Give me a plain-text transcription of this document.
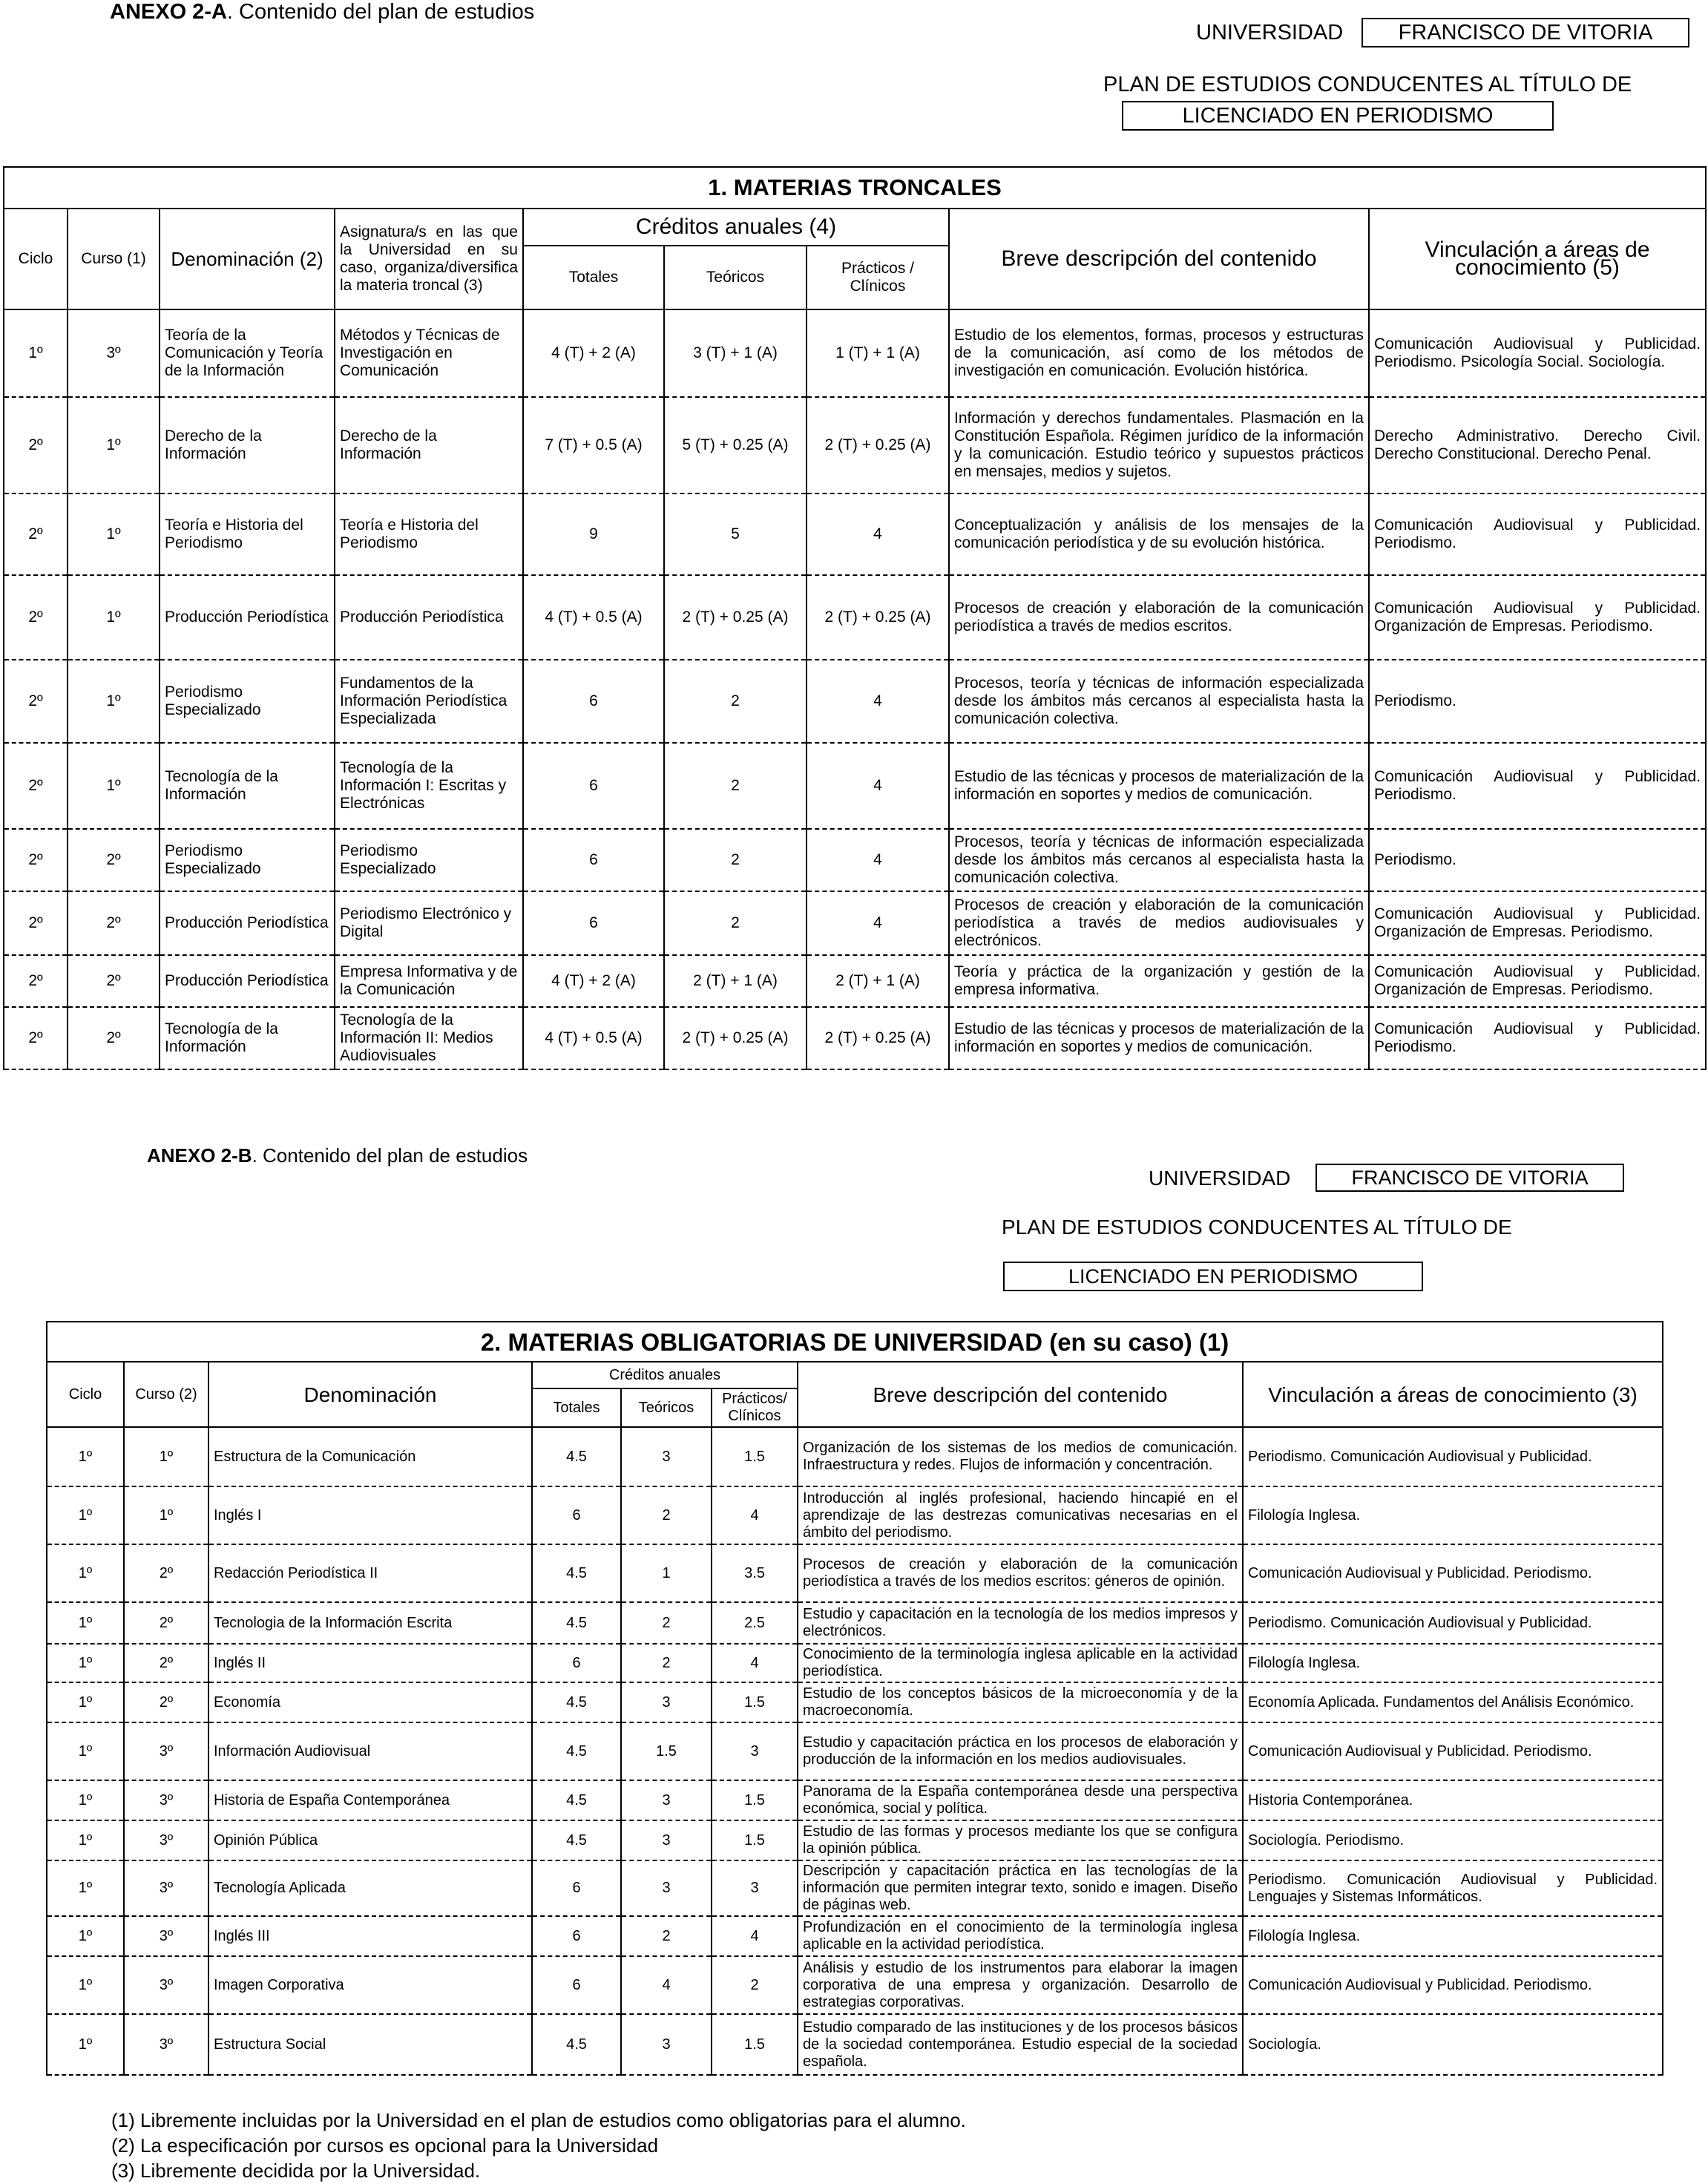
ANEXO 2-A. Contenido del plan de estudios
UNIVERSIDAD	FRANCISCO DE VITORIA
PLAN DE ESTUDIOS CONDUCENTES AL TÍTULO DE
LICENCIADO EN PERIODISMO
1. MATERIAS TRONCALES								
Ciclo	Curso (1)	Denominación (2)	Asignatura/s en las que la Universidad en su caso, organiza/diversifica la materia troncal (3)	Créditos anuales (4)			Breve descripción del contenido	Vinculación a áreas de conocimiento (5)
				Totales	Teóricos	Prácticos / Clínicos		
1º	3º	Teoría de la Comunicación y Teoría de la Información	Métodos y Técnicas de Investigación en Comunicación	4 (T) + 2 (A)	3 (T) + 1 (A)	1 (T) + 1 (A)	Estudio de los elementos, formas, procesos y estructuras de la comunicación, así como de los métodos de investigación en comunicación. Evolución histórica.	Comunicación Audiovisual y Publicidad. Periodismo. Psicología Social. Sociología.
2º	1º	Derecho de la Información	Derecho de la Información	7 (T) + 0.5 (A)	5 (T) + 0.25 (A)	2 (T) + 0.25 (A)	Información y derechos fundamentales. Plasmación en la Constitución Española. Régimen jurídico de la información y la comunicación. Estudio teórico y supuestos prácticos en mensajes, medios y sujetos.	Derecho Administrativo. Derecho Civil. Derecho Constitucional. Derecho Penal.
2º	1º	Teoría e Historia del Periodismo	Teoría e Historia del Periodismo	9	5	4	Conceptualización y análisis de los mensajes de la comunicación periodística y de su evolución histórica.	Comunicación Audiovisual y Publicidad. Periodismo.
2º	1º	Producción Periodística	Producción Periodística	4 (T) + 0.5 (A)	2 (T) + 0.25 (A)	2 (T) + 0.25 (A)	Procesos de creación y elaboración de la comunicación periodística a través de medios escritos.	Comunicación Audiovisual y Publicidad. Organización de Empresas. Periodismo.
2º	1º	Periodismo Especializado	Fundamentos de la Información Periodística Especializada	6	2	4	Procesos, teoría y técnicas de información especializada desde los ámbitos más cercanos al especialista hasta la comunicación colectiva.	Periodismo.
2º	1º	Tecnología de la Información	Tecnología de la Información I: Escritas y Electrónicas	6	2	4	Estudio de las técnicas y procesos de materialización de la información en soportes y medios de comunicación.	Comunicación Audiovisual y Publicidad. Periodismo.
2º	2º	Periodismo Especializado	Periodismo Especializado	6	2	4	Procesos, teoría y técnicas de información especializada desde los ámbitos más cercanos al especialista hasta la comunicación colectiva.	Periodismo.
2º	2º	Producción Periodística	Periodismo Electrónico y Digital	6	2	4	Procesos de creación y elaboración de la comunicación periodística a través de medios audiovisuales y electrónicos.	Comunicación Audiovisual y Publicidad. Organización de Empresas. Periodismo.
2º	2º	Producción Periodística	Empresa Informativa y de la Comunicación	4 (T) + 2 (A)	2 (T) + 1 (A)	2 (T) + 1 (A)	Teoría y práctica de la organización y gestión de la empresa informativa.	Comunicación Audiovisual y Publicidad. Organización de Empresas. Periodismo.
2º	2º	Tecnología de la Información	Tecnología de la Información II: Medios Audiovisuales	4 (T) + 0.5 (A)	2 (T) + 0.25 (A)	2 (T) + 0.25 (A)	Estudio de las técnicas y procesos de materialización de la información en soportes y medios de comunicación.	Comunicación Audiovisual y Publicidad. Periodismo.
ANEXO 2-B. Contenido del plan de estudios
UNIVERSIDAD	FRANCISCO DE VITORIA
PLAN DE ESTUDIOS CONDUCENTES AL TÍTULO DE
LICENCIADO EN PERIODISMO
2. MATERIAS OBLIGATORIAS DE UNIVERSIDAD (en su caso) (1)							
Ciclo	Curso (2)	Denominación	Créditos anuales			Breve descripción del contenido	Vinculación a áreas de conocimiento (3)
			Totales	Teóricos	Prácticos/ Clínicos		
1º	1º	Estructura de la Comunicación	4.5	3	1.5	Organización de los sistemas de los medios de comunicación. Infraestructura y redes. Flujos de información y concentración.	Periodismo. Comunicación Audiovisual y Publicidad.
1º	1º	Inglés I	6	2	4	Introducción al inglés profesional, haciendo hincapié en el aprendizaje de las destrezas comunicativas necesarias en el ámbito del periodismo.	Filología Inglesa.
1º	2º	Redacción Periodística II	4.5	1	3.5	Procesos de creación y elaboración de la comunicación periodística a través de los medios escritos: géneros de opinión.	Comunicación Audiovisual y Publicidad. Periodismo.
1º	2º	Tecnologia de la Información Escrita	4.5	2	2.5	Estudio y capacitación en la tecnología de los medios impresos y electrónicos.	Periodismo. Comunicación Audiovisual y Publicidad.
1º	2º	Inglés II	6	2	4	Conocimiento de la terminología inglesa aplicable en la actividad periodística.	Filología Inglesa.
1º	2º	Economía	4.5	3	1.5	Estudio de los conceptos básicos de la microeconomía y de la macroeconomía.	Economía Aplicada. Fundamentos del Análisis Económico.
1º	3º	Información Audiovisual	4.5	1.5	3	Estudio y capacitación práctica en los procesos de elaboración y producción de la información en los medios audiovisuales.	Comunicación Audiovisual y Publicidad. Periodismo.
1º	3º	Historia de España Contemporánea	4.5	3	1.5	Panorama de la España contemporánea desde una perspectiva económica, social y política.	Historia Contemporánea.
1º	3º	Opinión Pública	4.5	3	1.5	Estudio de las formas y procesos mediante los que se configura la opinión pública.	Sociología. Periodismo.
1º	3º	Tecnología Aplicada	6	3	3	Descripción y capacitación práctica en las tecnologías de la información que permiten integrar texto, sonido e imagen. Diseño de páginas web.	Periodismo. Comunicación Audiovisual y Publicidad. Lenguajes y Sistemas Informáticos.
1º	3º	Inglés III	6	2	4	Profundización en el conocimiento de la terminología inglesa aplicable en la actividad periodística.	Filología Inglesa.
1º	3º	Imagen Corporativa	6	4	2	Análisis y estudio de los instrumentos para elaborar la imagen corporativa de una empresa y organización. Desarrollo de estrategias corporativas.	Comunicación Audiovisual y Publicidad. Periodismo.
1º	3º	Estructura Social	4.5	3	1.5	Estudio comparado de las instituciones y de los procesos básicos de la sociedad contemporánea. Estudio especial de la sociedad española.	Sociología.
(1) Libremente incluidas por la Universidad en el plan de estudios como obligatorias para el alumno.
(2) La especificación por cursos es opcional para la Universidad
(3) Libremente decidida por la Universidad.
